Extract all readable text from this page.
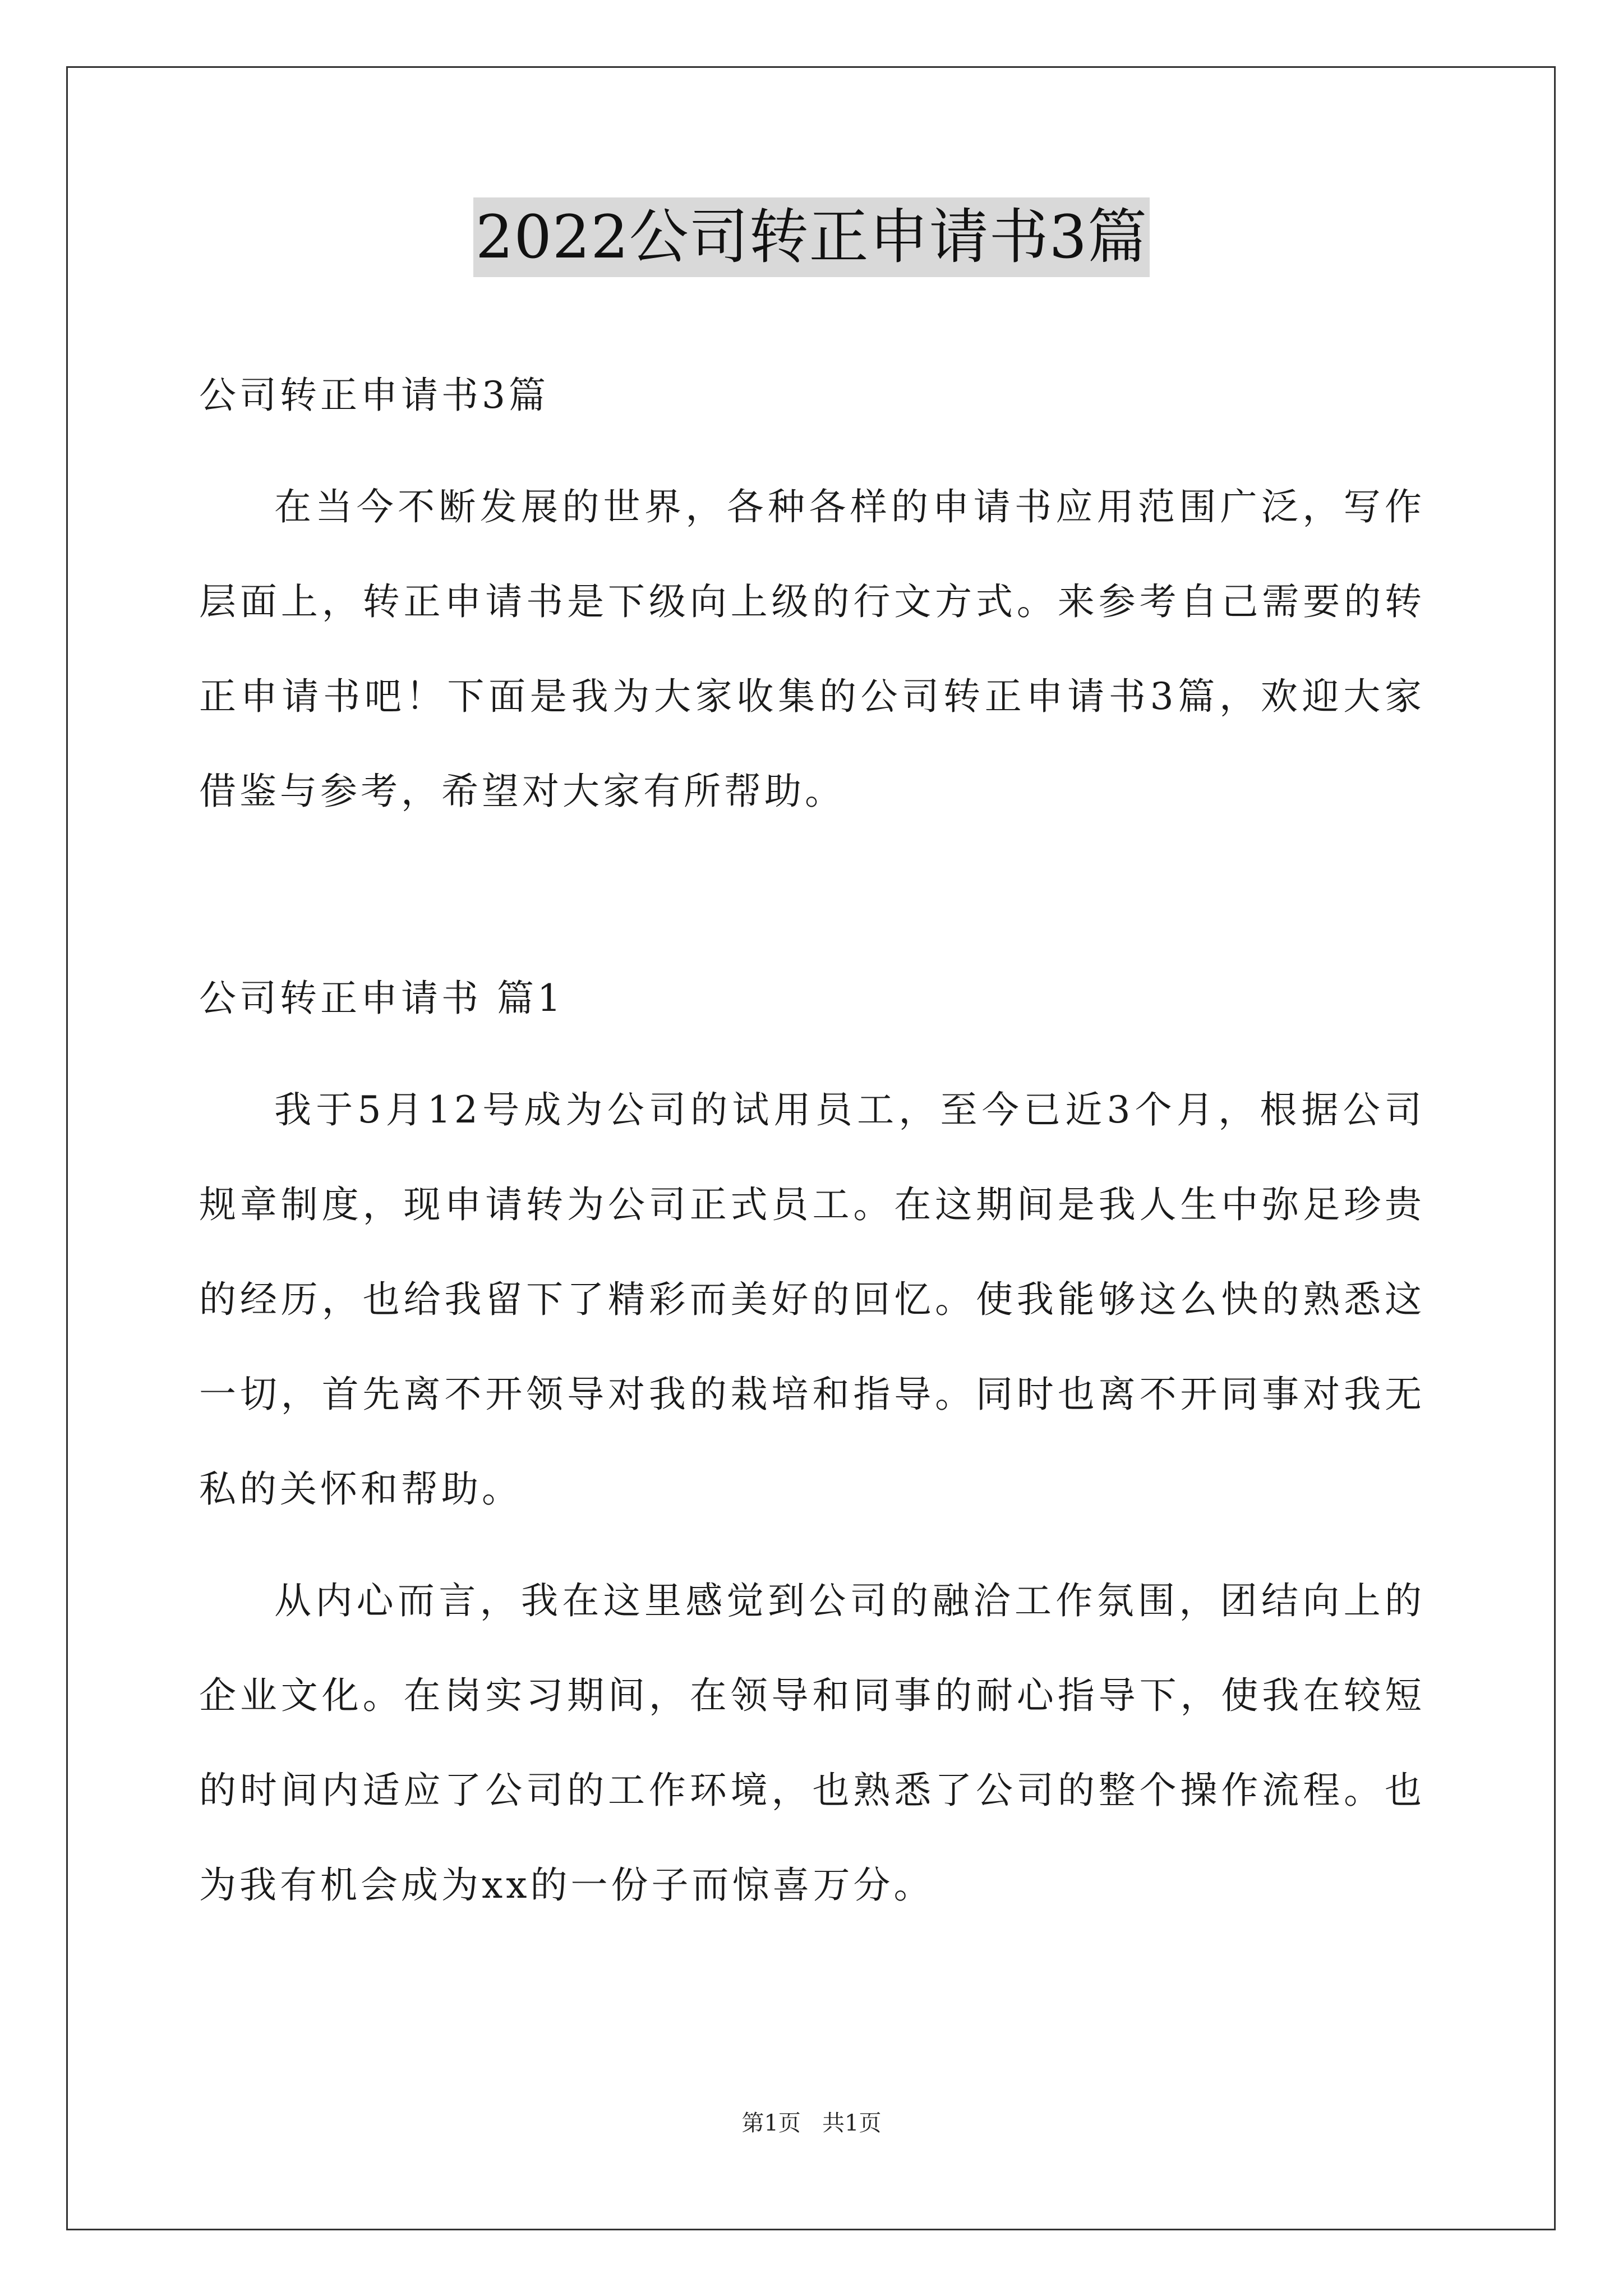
2022公司转正申请书3篇
公司转正申请书3篇
在当今不断发展的世界，各种各样的申请书应用范围广泛，写作
层面上，转正申请书是下级向上级的行文方式。来参考自己需要的转
正申请书吧！下面是我为大家收集的公司转正申请书3篇，欢迎大家
借鉴与参考，希望对大家有所帮助。
公司转正申请书 篇1
我于5月12号成为公司的试用员工，至今已近3个月，根据公司
规章制度，现申请转为公司正式员工。在这期间是我人生中弥足珍贵
的经历，也给我留下了精彩而美好的回忆。使我能够这么快的熟悉这
一切，首先离不开领导对我的栽培和指导。同时也离不开同事对我无
私的关怀和帮助。
从内心而言，我在这里感觉到公司的融洽工作氛围，团结向上的
企业文化。在岗实习期间，在领导和同事的耐心指导下，使我在较短
的时间内适应了公司的工作环境，也熟悉了公司的整个操作流程。也
为我有机会成为xx的一份子而惊喜万分。
第1页   共1页
